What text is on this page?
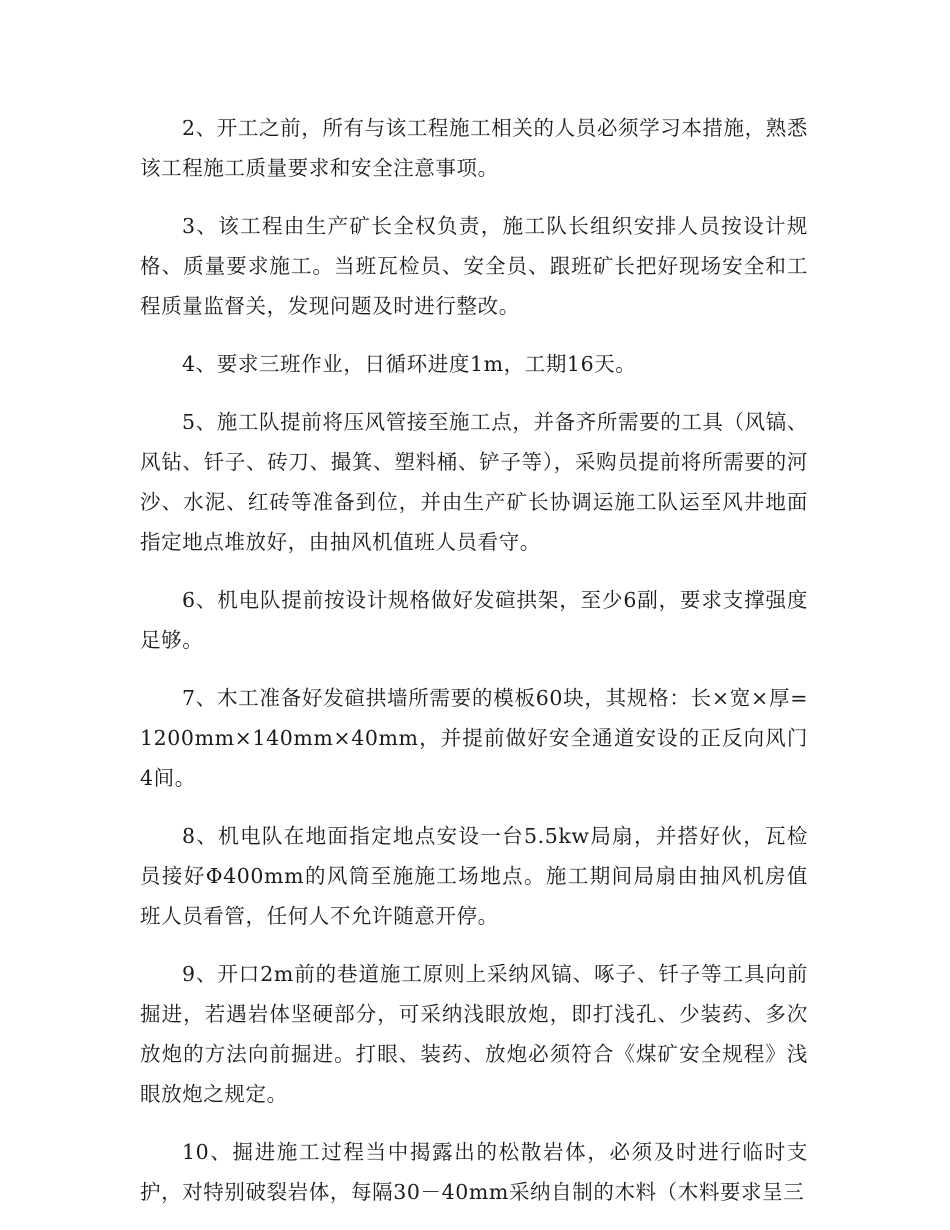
2、开工之前，所有与该工程施工相关的人员必须学习本措施，熟悉该工程施工质量要求和安全注意事项。

3、该工程由生产矿长全权负责，施工队长组织安排人员按设计规格、质量要求施工。当班瓦检员、安全员、跟班矿长把好现场安全和工程质量监督关，发现问题及时进行整改。

4、要求三班作业，日循环进度1m，工期16天。

5、施工队提前将压风管接至施工点，并备齐所需要的工具（风镐、风钻、钎子、砖刀、撮箕、塑料桶、铲子等），采购员提前将所需要的河沙、水泥、红砖等准备到位，并由生产矿长协调运施工队运至风井地面指定地点堆放好，由抽风机值班人员看守。

6、机电队提前按设计规格做好发碹拱架，至少6副，要求支撑强度足够。

7、木工准备好发碹拱墙所需要的模板60块，其规格：长×宽×厚=1200mm×140mm×40mm，并提前做好安全通道安设的正反向风门4间。

8、机电队在地面指定地点安设一台5.5kw局扇，并搭好伙，瓦检员接好Φ400mm的风筒至施施工场地点。施工期间局扇由抽风机房值班人员看管，任何人不允许随意开停。

9、开口2m前的巷道施工原则上采纳风镐、啄子、钎子等工具向前掘进，若遇岩体坚硬部分，可采纳浅眼放炮，即打浅孔、少装药、多次放炮的方法向前掘进。打眼、装药、放炮必须符合《煤矿安全规程》浅眼放炮之规定。

10、掘进施工过程当中揭露出的松散岩体，必须及时进行临时支护，对特别破裂岩体，每隔30－40mm采纳自制的木料（木料要求呈三
